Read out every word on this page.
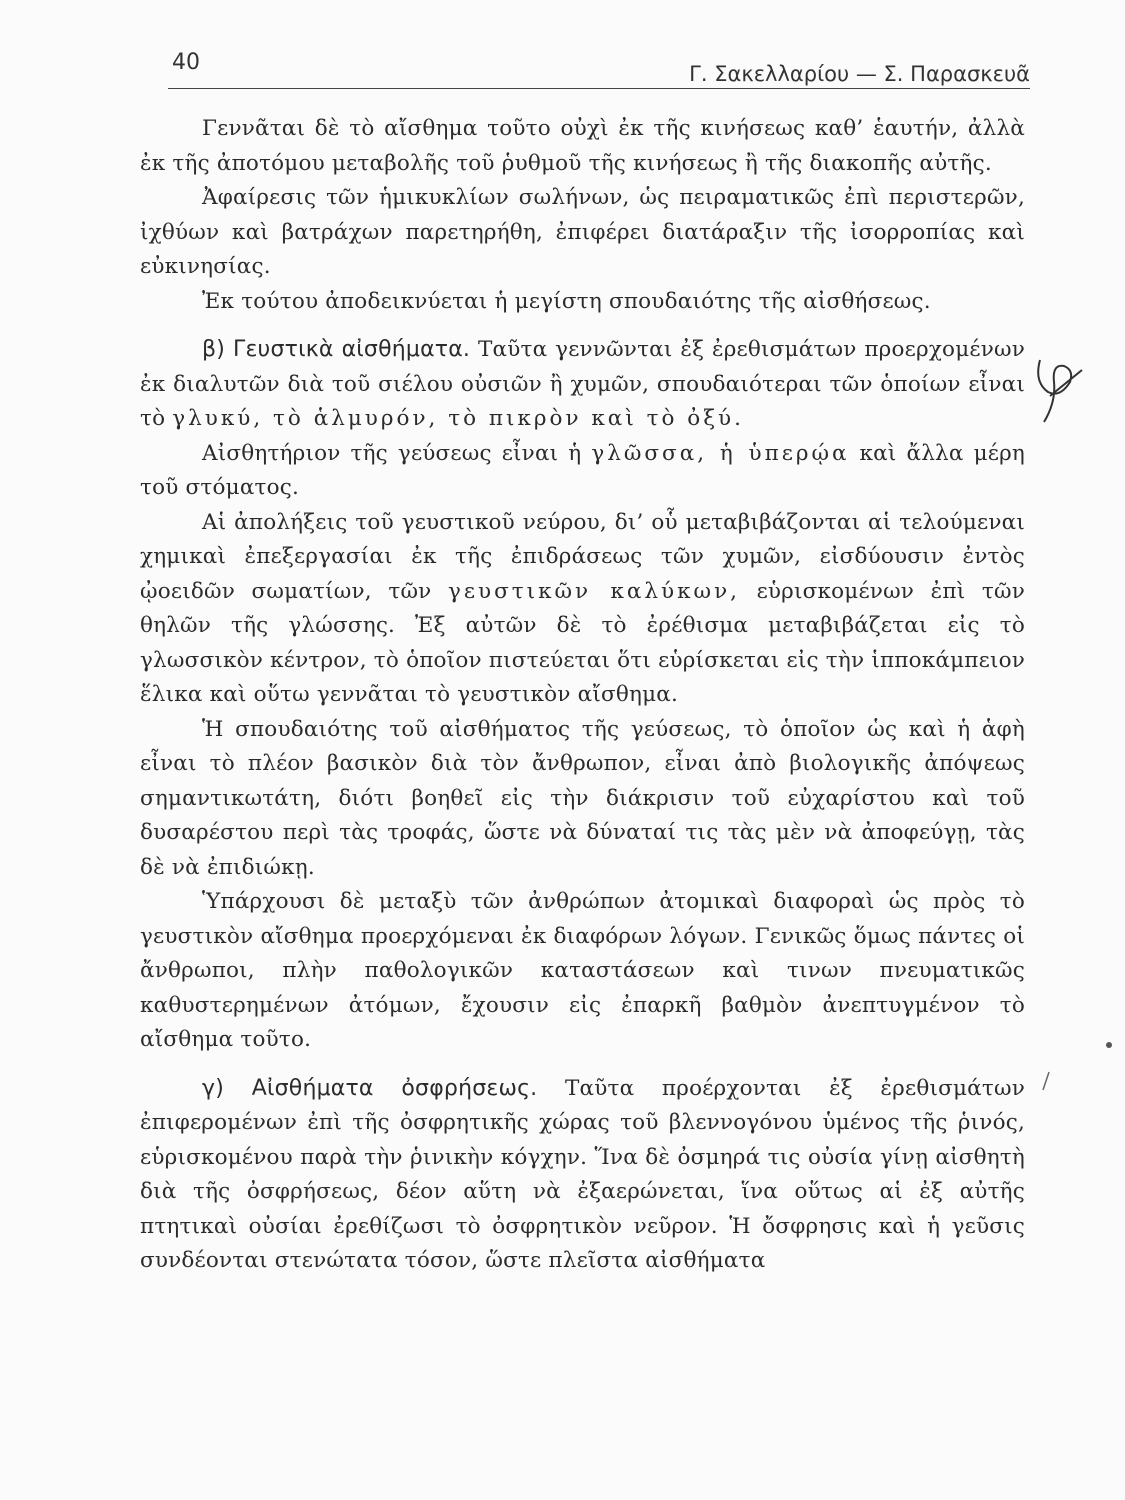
40	Γ. Σακελλαρίου — Σ. Παρασκευᾶ

Γεννᾶται δὲ τὸ αἴσθημα τοῦτο οὐχὶ ἐκ τῆς κινήσεως καθ’ ἑαυτήν, ἀλλὰ ἐκ τῆς ἀποτόμου μεταβολῆς τοῦ ῥυθμοῦ τῆς κινήσεως ἢ τῆς διακοπῆς αὐτῆς.

Ἀφαίρεσις τῶν ἡμικυκλίων σωλήνων, ὡς πειραματικῶς ἐπὶ περιστερῶν, ἰχθύων καὶ βατράχων παρετηρήθη, ἐπιφέρει διατάραξιν τῆς ἰσορροπίας καὶ εὐκινησίας.

Ἐκ τούτου ἀποδεικνύεται ἡ μεγίστη σπουδαιότης τῆς αἰσθήσεως.

β) Γευστικὰ αἰσθήματα. Ταῦτα γεννῶνται ἐξ ἐρεθισμάτων προερχομένων ἐκ διαλυτῶν διὰ τοῦ σιέλου οὐσιῶν ἢ χυμῶν, σπουδαιότεραι τῶν ὁποίων εἶναι τὸ γλυκύ, τὸ ἁλμυρόν, τὸ πικρὸν καὶ τὸ ὀξύ.

Αἰσθητήριον τῆς γεύσεως εἶναι ἡ γλῶσσα, ἡ ὑπερῴα καὶ ἄλλα μέρη τοῦ στόματος.

Αἱ ἀπολήξεις τοῦ γευστικοῦ νεύρου, δι’ οὗ μεταβιβάζονται αἱ τελούμεναι χημικαὶ ἐπεξεργασίαι ἐκ τῆς ἐπιδράσεως τῶν χυμῶν, εἰσδύουσιν ἐντὸς ᾠοειδῶν σωματίων, τῶν γευστικῶν καλύκων, εὑρισκομένων ἐπὶ τῶν θηλῶν τῆς γλώσσης. Ἐξ αὐτῶν δὲ τὸ ἐρέθισμα μεταβιβάζεται εἰς τὸ γλωσσικὸν κέντρον, τὸ ὁποῖον πιστεύεται ὅτι εὑρίσκεται εἰς τὴν ἱπποκάμπειον ἕλικα καὶ οὕτω γεννᾶται τὸ γευστικὸν αἴσθημα.

Ἡ σπουδαιότης τοῦ αἰσθήματος τῆς γεύσεως, τὸ ὁποῖον ὡς καὶ ἡ ἁφὴ εἶναι τὸ πλέον βασικὸν διὰ τὸν ἄνθρωπον, εἶναι ἀπὸ βιολογικῆς ἀπόψεως σημαντικωτάτη, διότι βοηθεῖ εἰς τὴν διάκρισιν τοῦ εὐχαρίστου καὶ τοῦ δυσαρέστου περὶ τὰς τροφάς, ὥστε νὰ δύναταί τις τὰς μὲν νὰ ἀποφεύγῃ, τὰς δὲ νὰ ἐπιδιώκῃ.

Ὑπάρχουσι δὲ μεταξὺ τῶν ἀνθρώπων ἀτομικαὶ διαφοραὶ ὡς πρὸς τὸ γευστικὸν αἴσθημα προερχόμεναι ἐκ διαφόρων λόγων. Γενικῶς ὅμως πάντες οἱ ἄνθρωποι, πλὴν παθολογικῶν καταστάσεων καὶ τινων πνευματικῶς καθυστερημένων ἀτόμων, ἔχουσιν εἰς ἐπαρκῆ βαθμὸν ἀνεπτυγμένον τὸ αἴσθημα τοῦτο.

γ) Αἰσθήματα ὀσφρήσεως. Ταῦτα προέρχονται ἐξ ἐρεθισμάτων ἐπιφερομένων ἐπὶ τῆς ὀσφρητικῆς χώρας τοῦ βλεννογόνου ὑμένος τῆς ῥινός, εὑρισκομένου παρὰ τὴν ῥινικὴν κόγχην. Ἵνα δὲ ὀσμηρά τις οὐσία γίνῃ αἰσθητὴ διὰ τῆς ὀσφρήσεως, δέον αὕτη νὰ ἐξαερώνεται, ἵνα οὕτως αἱ ἐξ αὐτῆς πτητικαὶ οὐσίαι ἐρεθίζωσι τὸ ὀσφρητικὸν νεῦρον. Ἡ ὄσφρησις καὶ ἡ γεῦσις συνδέονται στενώτατα τόσον, ὥστε πλεῖστα αἰσθήματα
